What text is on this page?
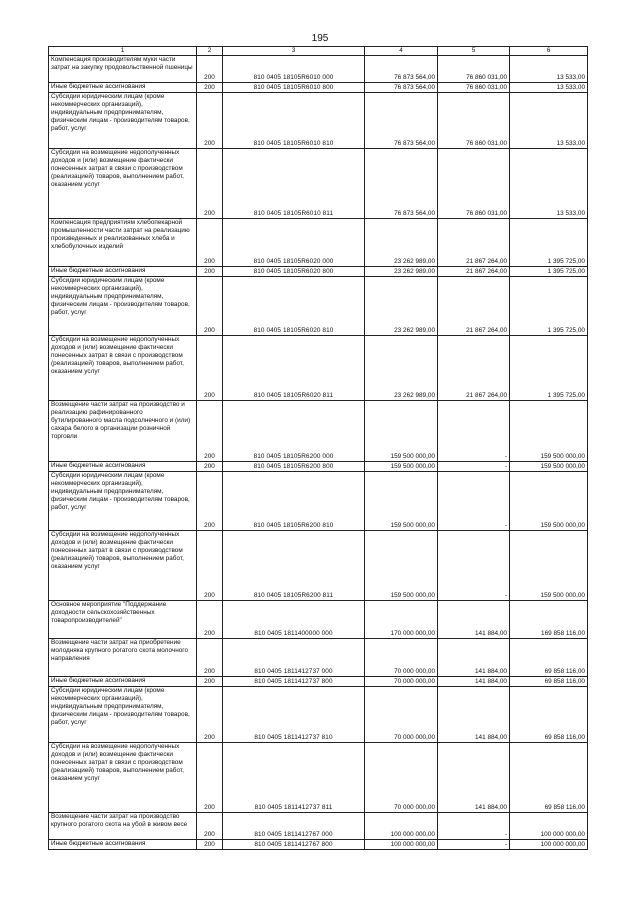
195
1	2	3	4	5	6
Компенсация производителям муки части затрат на закупку продовольственной пшеницы	200	810 0405 18105R6010 000	76 873 564,00	76 860 031,00	13 533,00
Иные бюджетные ассигнования	200	810 0405 18105R6010 800	76 873 564,00	76 860 031,00	13 533,00
Субсидии юридическим лицам (кроме некоммерческих организаций), индивидуальным предпринимателям, физическим лицам - производителям товаров, работ, услуг	200	810 0405 18105R6010 810	76 873 564,00	76 860 031,00	13 533,00
Субсидии на возмещение недополученных доходов и (или) возмещение фактически понесенных затрат в связи с производством (реализацией) товаров, выполнением работ, оказанием услуг	200	810 0405 18105R6010 811	76 873 564,00	76 860 031,00	13 533,00
Компенсация предприятиям хлебопекарной промышленности части затрат на реализацию произведенных и реализованных хлеба и хлебобулочных изделий	200	810 0405 18105R6020 000	23 262 989,00	21 867 264,00	1 395 725,00
Иные бюджетные ассигнования	200	810 0405 18105R6020 800	23 262 989,00	21 867 264,00	1 395 725,00
Субсидии юридическим лицам (кроме некоммерческих организаций), индивидуальным предпринимателям, физическим лицам - производителям товаров, работ, услуг	200	810 0405 18105R6020 810	23 262 989,00	21 867 264,00	1 395 725,00
Субсидии на возмещение недополученных доходов и (или) возмещение фактически понесенных затрат в связи с производством (реализацией) товаров, выполнением работ, оказанием услуг	200	810 0405 18105R6020 811	23 262 989,00	21 867 264,00	1 395 725,00
Возмещение части затрат на производство и реализацию рафинированного бутилированного масла подсолнечного и (или) сахара белого в организации розничной торговли	200	810 0405 18105R6200 000	159 500 000,00	-	159 500 000,00
Иные бюджетные ассигнования	200	810 0405 18105R6200 800	159 500 000,00	-	159 500 000,00
Субсидии юридическим лицам (кроме некоммерческих организаций), индивидуальным предпринимателям, физическим лицам - производителям товаров, работ, услуг	200	810 0405 18105R6200 810	159 500 000,00	-	159 500 000,00
Субсидии на возмещение недополученных доходов и (или) возмещение фактически понесенных затрат в связи с производством (реализацией) товаров, выполнением работ, оказанием услуг	200	810 0405 18105R6200 811	159 500 000,00	-	159 500 000,00
Основное мероприятие "Поддержание доходности сельскохозяйственных товаропроизводителей"	200	810 0405 1811400000 000	170 000 000,00	141 884,00	169 858 116,00
Возмещение части затрат на приобретение молодняка крупного рогатого скота молочного направления	200	810 0405 1811412737 000	70 000 000,00	141 884,00	69 858 116,00
Иные бюджетные ассигнования	200	810 0405 1811412737 800	70 000 000,00	141 884,00	69 858 116,00
Субсидии юридическим лицам (кроме некоммерческих организаций), индивидуальным предпринимателям, физическим лицам - производителям товаров, работ, услуг	200	810 0405 1811412737 810	70 000 000,00	141 884,00	69 858 116,00
Субсидии на возмещение недополученных доходов и (или) возмещение фактически понесенных затрат в связи с производством (реализацией) товаров, выполнением работ, оказанием услуг	200	810 0405 1811412737 811	70 000 000,00	141 884,00	69 858 116,00
Возмещение части затрат на производство крупного рогатого скота на убой в живом весе	200	810 0405 1811412767 000	100 000 000,00	-	100 000 000,00
Иные бюджетные ассигнования	200	810 0405 1811412767 800	100 000 000,00	-	100 000 000,00
